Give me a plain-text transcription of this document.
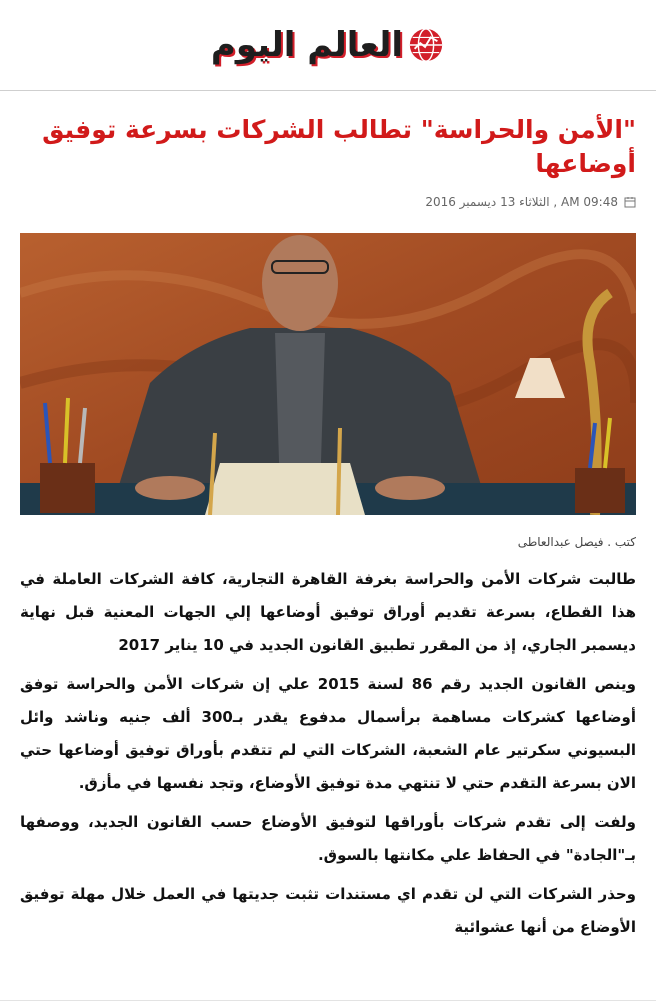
العالم اليوم
"الأمن والحراسة" تطالب الشركات بسرعة توفيق أوضاعها
09:48 AM , الثلاثاء 13 ديسمبر 2016
كتب . فيصل عبدالعاطى

طالبت شركات الأمن والحراسة بغرفة القاهرة التجارية، كافة الشركات العاملة في هذا القطاع، بسرعة تقديم أوراق توفيق أوضاعها إلي الجهات المعنية قبل نهاية ديسمبر الجاري، إذ من المقرر تطبيق القانون الجديد في 10 يناير 2017

وينص القانون الجديد رقم 86 لسنة 2015 علي إن شركات الأمن والحراسة توفق أوضاعها كشركات مساهمة برأسمال مدفوع يقدر بـ300 ألف جنيه وناشد وائل البسيوني سكرتير عام الشعبة، الشركات التي لم تتقدم بأوراق توفيق أوضاعها حتي الان بسرعة التقدم حتي لا تنتهي مدة توفيق الأوضاع، وتجد نفسها في مأزق.

ولفت إلى تقدم شركات بأوراقها لتوفيق الأوضاع حسب القانون الجديد، ووصفها بـ"الجادة" في الحفاظ علي مكانتها بالسوق.

وحذر الشركات التي لن تقدم اي مستندات تثبت جديتها في العمل خلال مهلة توفيق الأوضاع من أنها عشوائية
